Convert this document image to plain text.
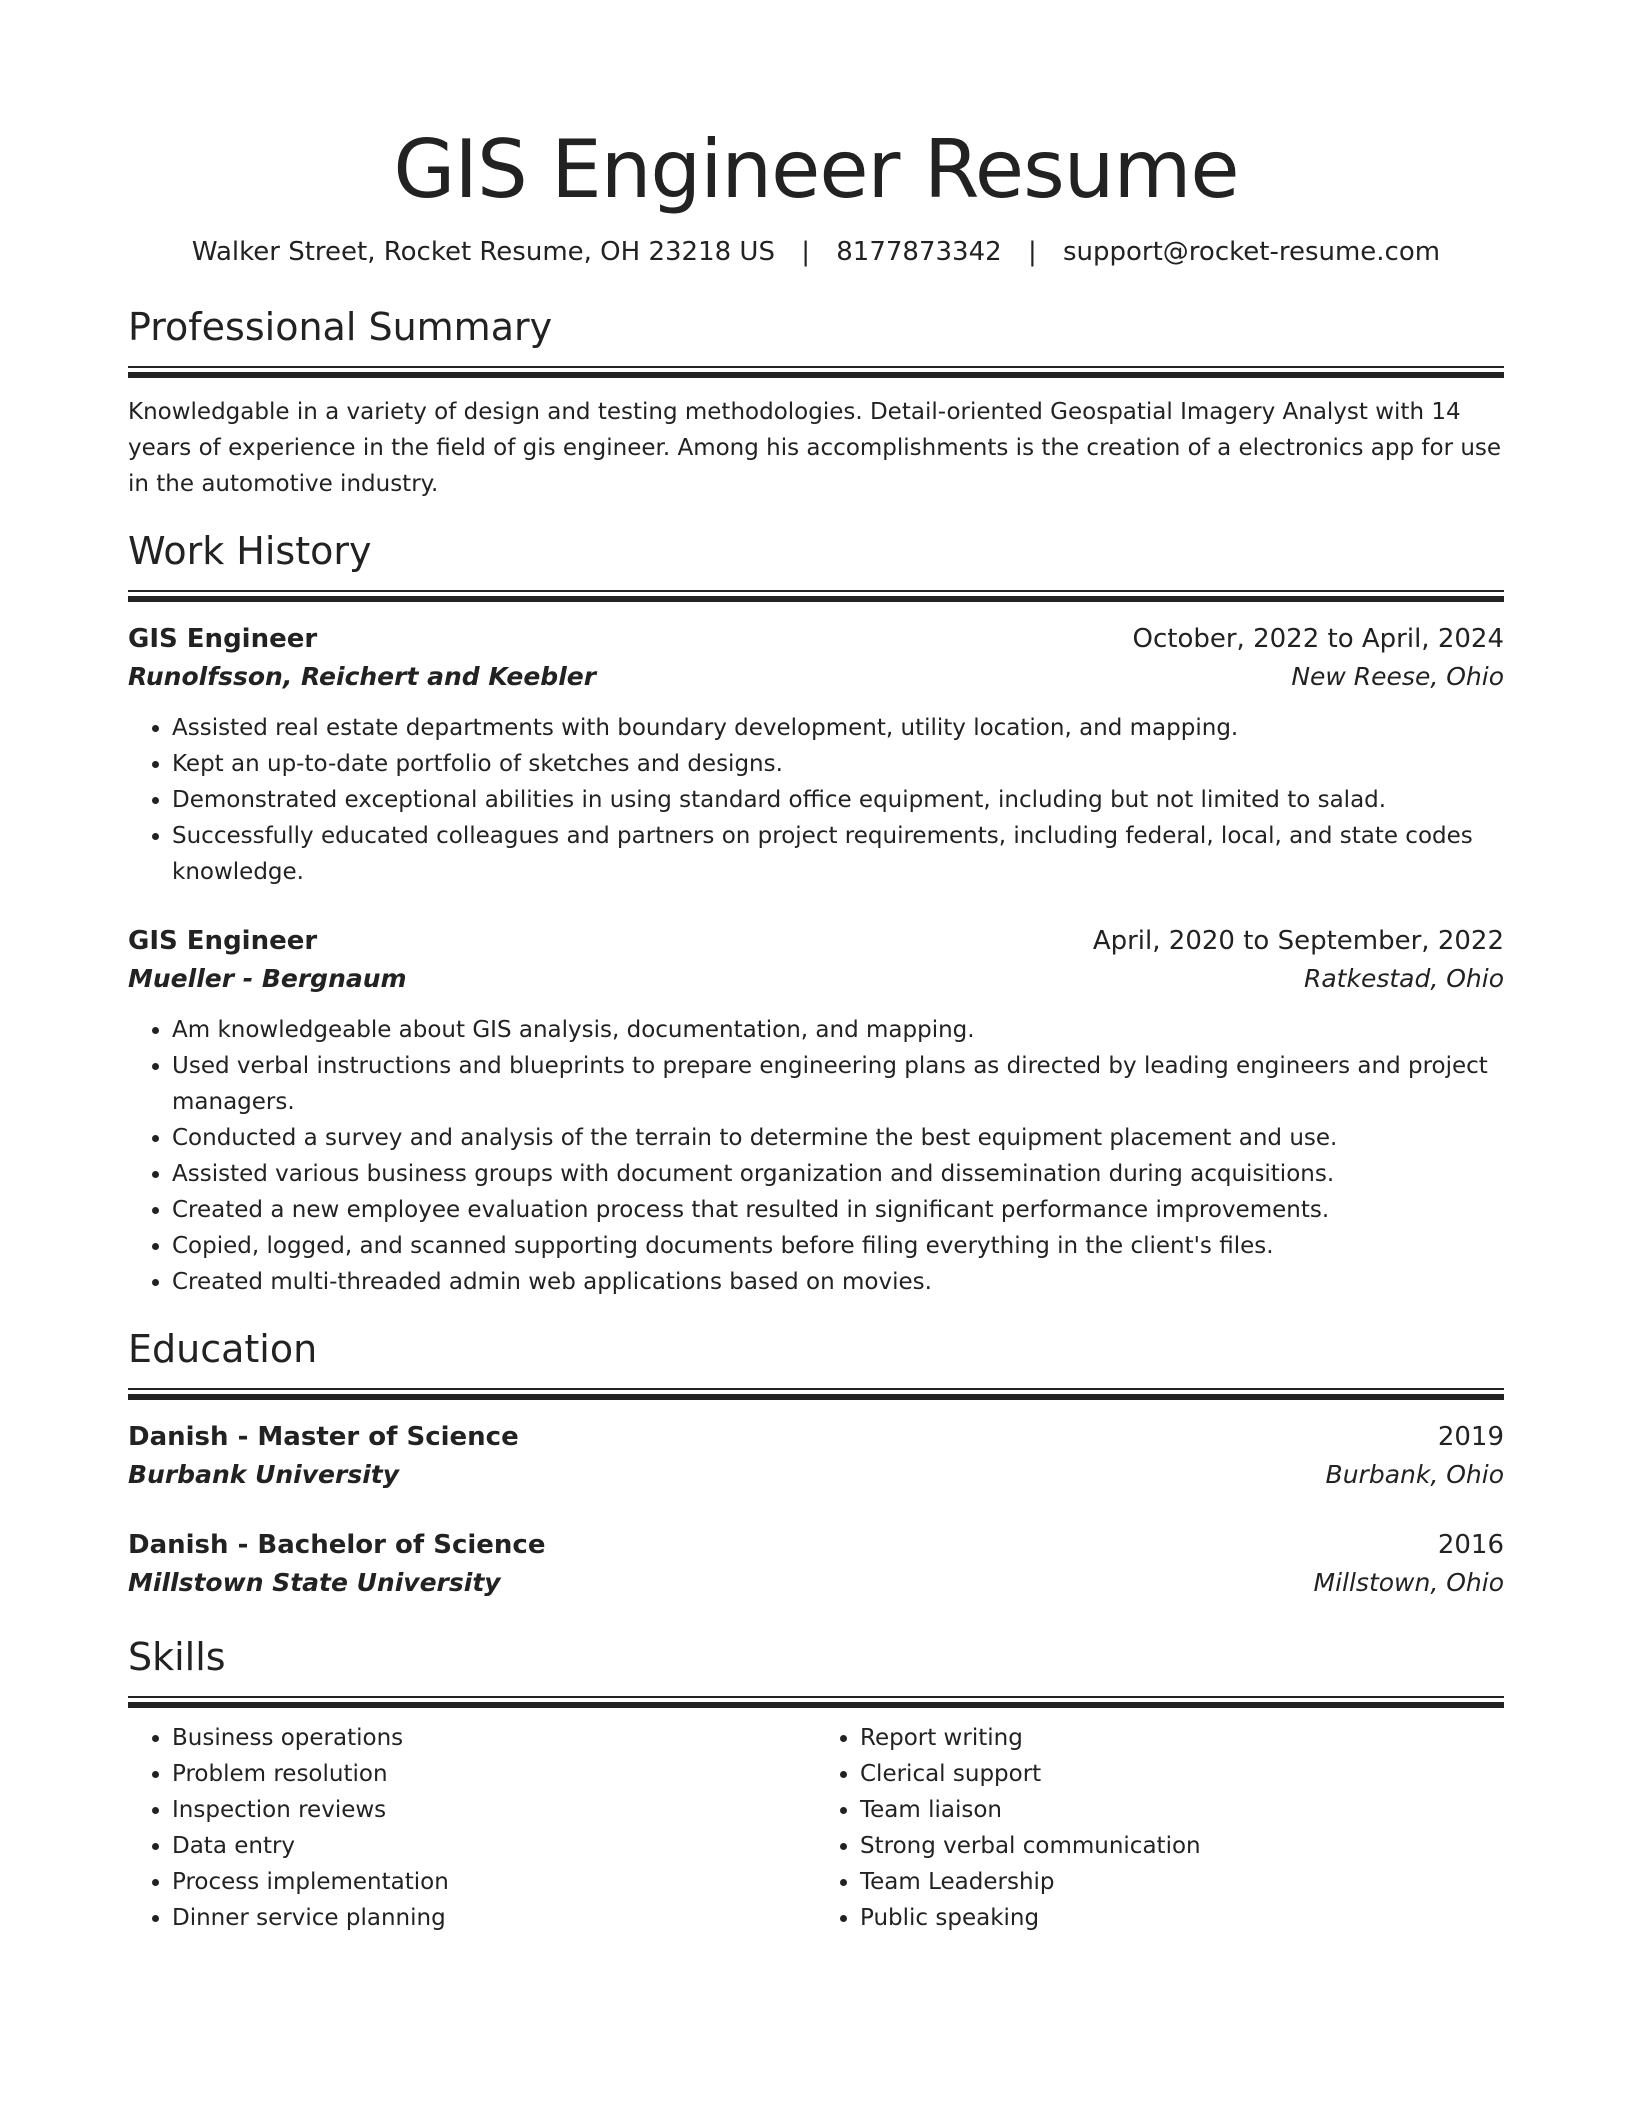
GIS Engineer Resume
Walker Street, Rocket Resume, OH 23218 US | 8177873342 | support@rocket-resume.com
Professional Summary
Knowledgable in a variety of design and testing methodologies. Detail-oriented Geospatial Imagery Analyst with 14 years of experience in the field of gis engineer. Among his accomplishments is the creation of a electronics app for use in the automotive industry.
Work History
GIS Engineer	October, 2022 to April, 2024
Runolfsson, Reichert and Keebler	New Reese, Ohio
• Assisted real estate departments with boundary development, utility location, and mapping.
• Kept an up-to-date portfolio of sketches and designs.
• Demonstrated exceptional abilities in using standard office equipment, including but not limited to salad.
• Successfully educated colleagues and partners on project requirements, including federal, local, and state codes knowledge.
GIS Engineer	April, 2020 to September, 2022
Mueller - Bergnaum	Ratkestad, Ohio
• Am knowledgeable about GIS analysis, documentation, and mapping.
• Used verbal instructions and blueprints to prepare engineering plans as directed by leading engineers and project managers.
• Conducted a survey and analysis of the terrain to determine the best equipment placement and use.
• Assisted various business groups with document organization and dissemination during acquisitions.
• Created a new employee evaluation process that resulted in significant performance improvements.
• Copied, logged, and scanned supporting documents before filing everything in the client's files.
• Created multi-threaded admin web applications based on movies.
Education
Danish - Master of Science	2019
Burbank University	Burbank, Ohio
Danish - Bachelor of Science	2016
Millstown State University	Millstown, Ohio
Skills
• Business operations
• Problem resolution
• Inspection reviews
• Data entry
• Process implementation
• Dinner service planning
• Report writing
• Clerical support
• Team liaison
• Strong verbal communication
• Team Leadership
• Public speaking
